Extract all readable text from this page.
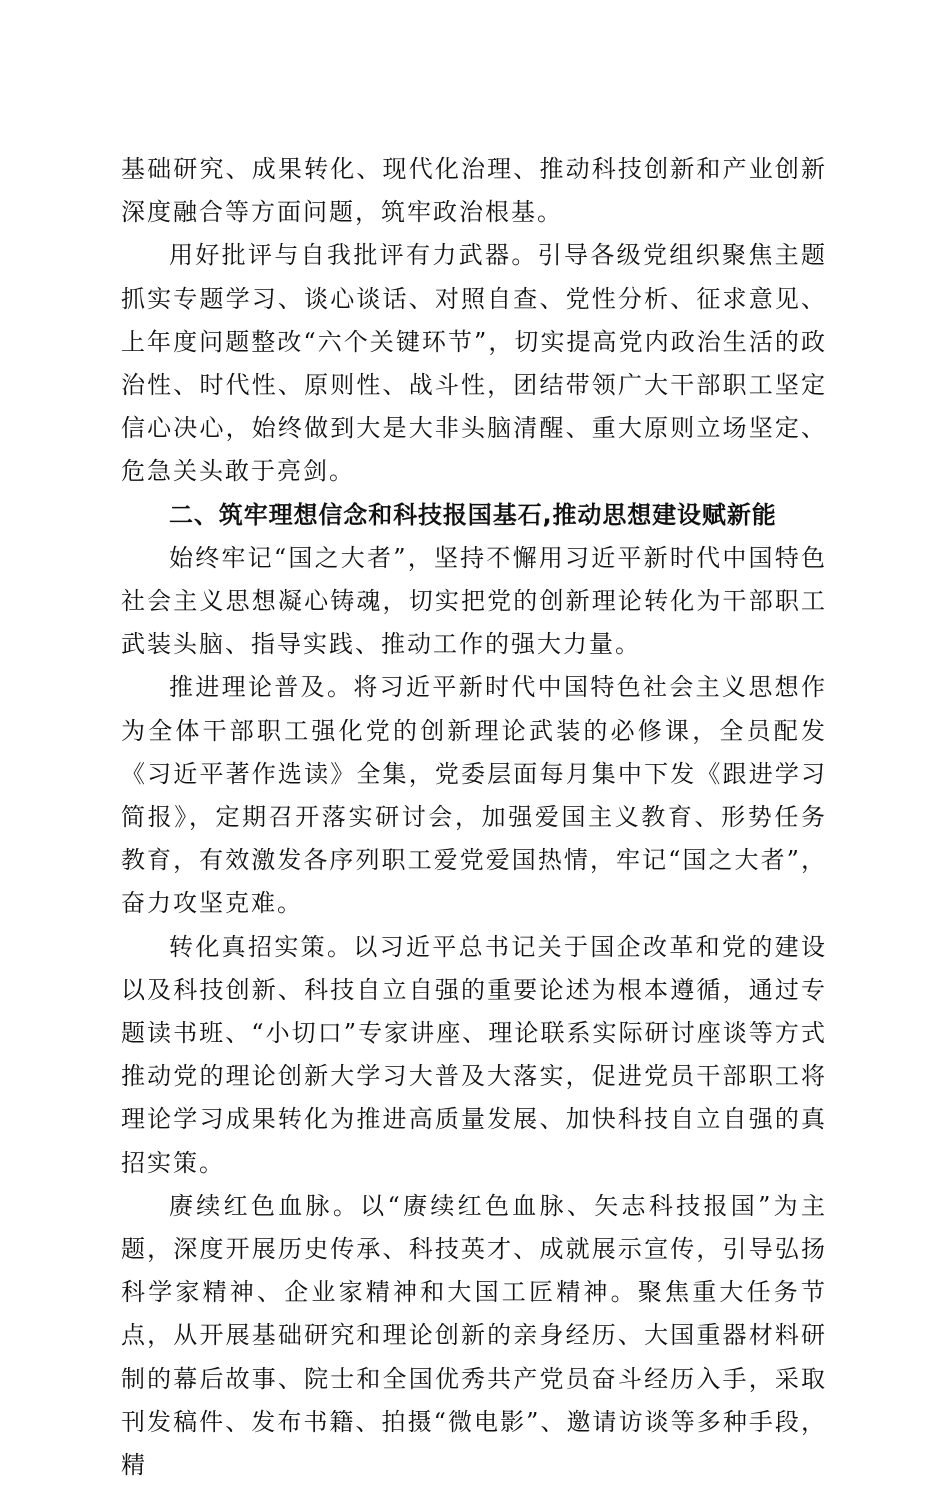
基础研究、成果转化、现代化治理、推动科技创新和产业创新深度融合等方面问题，筑牢政治根基。

用好批评与自我批评有力武器。引导各级党组织聚焦主题抓实专题学习、谈心谈话、对照自查、党性分析、征求意见、上年度问题整改“六个关键环节”，切实提高党内政治生活的政治性、时代性、原则性、战斗性，团结带领广大干部职工坚定信心决心，始终做到大是大非头脑清醒、重大原则立场坚定、危急关头敢于亮剑。

二、筑牢理想信念和科技报国基石,推动思想建设赋新能

始终牢记“国之大者”，坚持不懈用习近平新时代中国特色社会主义思想凝心铸魂，切实把党的创新理论转化为干部职工武装头脑、指导实践、推动工作的强大力量。

推进理论普及。将习近平新时代中国特色社会主义思想作为全体干部职工强化党的创新理论武装的必修课，全员配发《习近平著作选读》全集，党委层面每月集中下发《跟进学习简报》，定期召开落实研讨会，加强爱国主义教育、形势任务教育，有效激发各序列职工爱党爱国热情，牢记“国之大者”，奋力攻坚克难。

转化真招实策。以习近平总书记关于国企改革和党的建设以及科技创新、科技自立自强的重要论述为根本遵循，通过专题读书班、“小切口”专家讲座、理论联系实际研讨座谈等方式推动党的理论创新大学习大普及大落实，促进党员干部职工将理论学习成果转化为推进高质量发展、加快科技自立自强的真招实策。

赓续红色血脉。以“赓续红色血脉、矢志科技报国”为主题，深度开展历史传承、科技英才、成就展示宣传，引导弘扬科学家精神、企业家精神和大国工匠精神。聚焦重大任务节点，从开展基础研究和理论创新的亲身经历、大国重器材料研制的幕后故事、院士和全国优秀共产党员奋斗经历入手，采取刊发稿件、发布书籍、拍摄“微电影”、邀请访谈等多种手段，精
